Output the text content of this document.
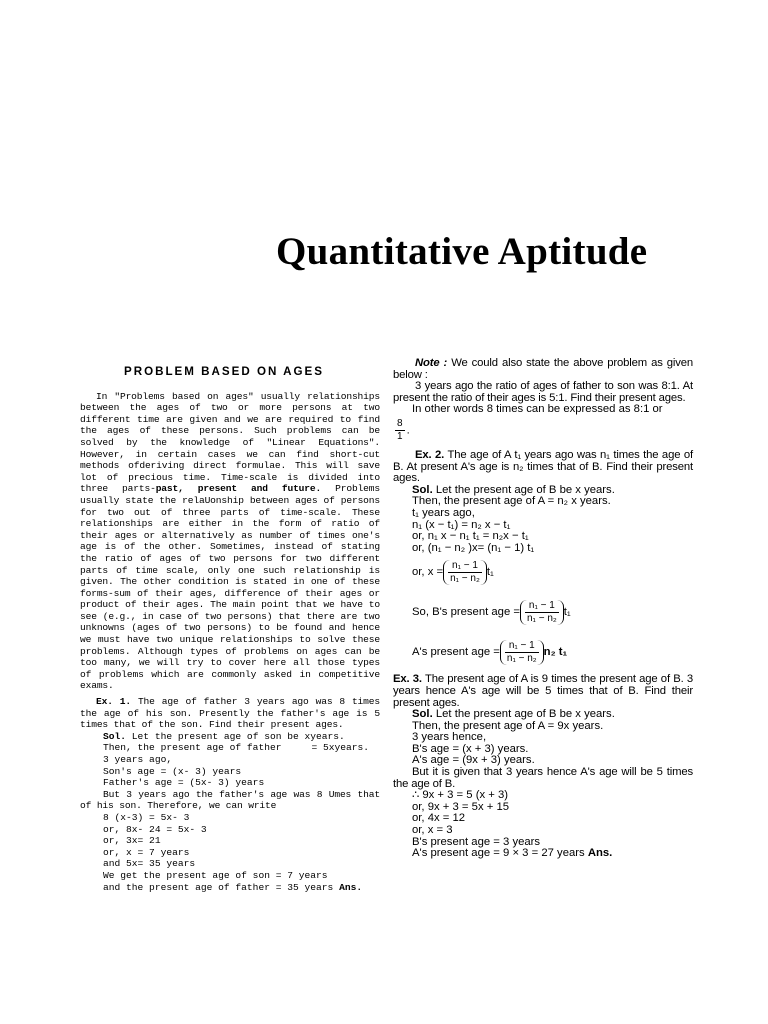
Quantitative Aptitude
PROBLEM BASED ON AGES

In "Problems based on ages" usually relationships between the ages of two or more persons at two different time are given and we are required to find the ages of these persons. Such problems can be solved by the knowledge of "Linear Equations". However, in certain cases we can find short-cut methods ofderiving direct formulae. This will save lot of precious time. Time-scale is divided into three parts-past, present and future. Problems usually state the relaUonship between ages of persons for two out of three parts of time-scale. These relationships are either in the form of ratio of their ages or alternatively as number of times one's age is of the other. Sometimes, instead of stating the ratio of ages of two persons for two different parts of time scale, only one such relationship is given. The other condition is stated in one of these forms-sum of their ages, difference of their ages or product of their ages. The main point that we have to see (e.g., in case of two persons) that there are two unknowns (ages of two persons) to be found and hence we must have two unique relationships to solve these problems. Although types of problems on ages can be too many, we will try to cover here all those types of problems which are commonly asked in competitive exams.

Ex. 1. The age of father 3 years ago was 8 times the age of his son. Presently the father's age is 5 times that of the son. Find their present ages.

Sol. Let the present age of son be xyears.

Then, the present age of father	= 5xyears.

3 years ago,

Son's age = (x- 3) years

Father's age = (5x- 3) years

But 3 years ago the father's age was 8 Umes that of his son. Therefore, we can write

8 (x-3) = 5x- 3

or, 8x- 24 = 5x- 3

or, 3x= 21

or, x = 7 years

and 5x= 35 years

We get the present age of son = 7 years

and the present age of father = 35 years Ans.

Note : We could also state the above problem as given below :

3 years ago the ratio of ages of father to son was 8:1. At present the ratio of their ages is 5:1. Find their present ages.

In other words 8 times can be expressed as 8:1 or

$\frac{8}{1}$ .

Ex. 2. The age of A t₁ years ago was n₁ times the age of B. At present A's age is n₂ times that of B. Find their present ages.

Sol. Let the present age of B be x years.

Then, the present age of A = n₂ x years.

t₁ years ago,

n₁ (x − t₁) = n₂ x − t₁

or, n₁ x − n₁ t₁ = n₂x − t₁

or, (n₁ − n₂ )x= (n₁ − 1) t₁

or, $x = \frac{\text{n₁ − 1}}{\text{n₁ − n₂}} t_1$
So, B's present age = $\frac{\text{n₁ − 1}}{\text{n₁ − n₂}} t_1$
A's present age = $\frac{\text{n₁ − 1}}{\text{n₁ − n₂}} n_2$ t₁

Ex. 3. The present age of A is 9 times the present age of B. 3 years hence A's age will be 5 times that of B. Find their present ages.

Sol. Let the present age of B be x years.

Then, the present age of A = 9x years.

3 years hence,

B's age = (x + 3) years.

A's age = (9x + 3) years.

But it is given that 3 years hence A's age will be 5 times the age of B.

∴ 9x + 3 = 5 (x + 3)

or, 9x + 3 = 5x + 15

or, 4x = 12

or, x = 3

B's present age = 3 years

A's present age = 9 × 3 = 27 years Ans.
